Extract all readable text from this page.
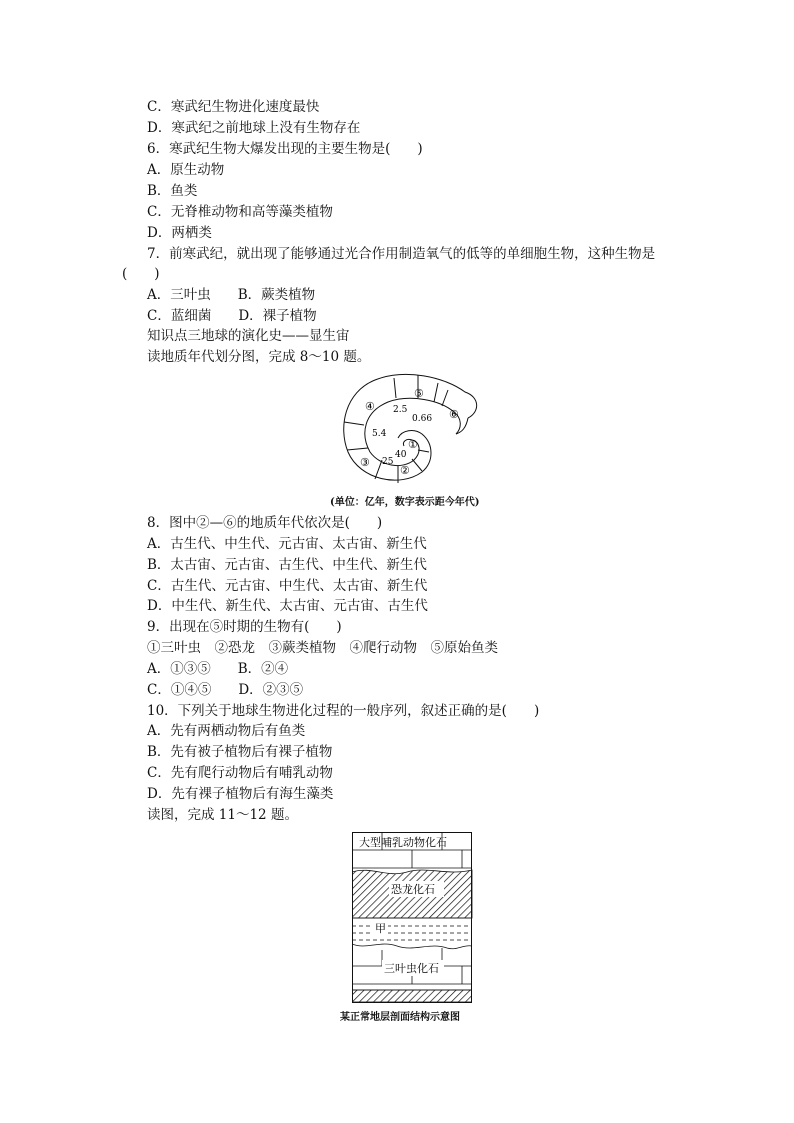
C．寒武纪生物进化速度最快
D．寒武纪之前地球上没有生物存在
6．寒武纪生物大爆发出现的主要生物是(　　)
A．原生动物
B．鱼类
C．无脊椎动物和高等藻类植物
D．两栖类
7．前寒武纪，就出现了能够通过光合作用制造氧气的低等的单细胞生物，这种生物是
(　　)
A．三叶虫　　B．蕨类植物
C．蓝细菌　　D．裸子植物
知识点三地球的演化史——显生宙
读地质年代划分图，完成 8～10 题。
④
⑤
⑥
③
②
①
2.5
0.66
5.4
40
25
(单位：亿年，数字表示距今年代)
8．图中②—⑥的地质年代依次是(　　)
A．古生代、中生代、元古宙、太古宙、新生代
B．太古宙、元古宙、古生代、中生代、新生代
C．古生代、元古宙、中生代、太古宙、新生代
D．中生代、新生代、太古宙、元古宙、古生代
9．出现在⑤时期的生物有(　　)
①三叶虫　②恐龙　③蕨类植物　④爬行动物　⑤原始鱼类
A．①③⑤　　B．②④
C．①④⑤　　D．②③⑤
10．下列关于地球生物进化过程的一般序列，叙述正确的是(　　)
A．先有两栖动物后有鱼类
B．先有被子植物后有裸子植物
C．先有爬行动物后有哺乳动物
D．先有裸子植物后有海生藻类
读图，完成 11～12 题。
大型哺乳动物化石
恐龙化石
甲
三叶虫化石
某正常地层剖面结构示意图
